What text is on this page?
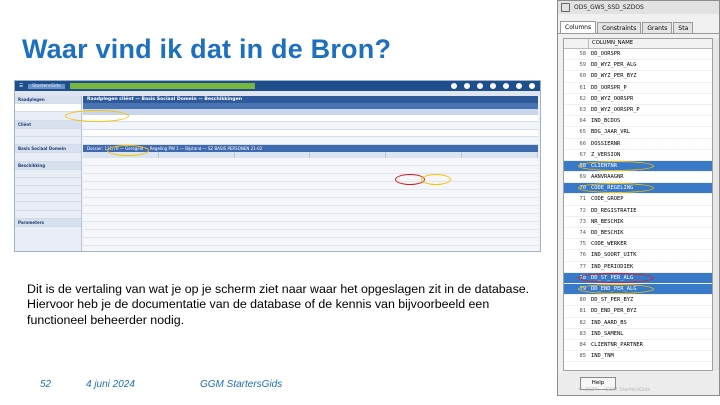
Waar vind ik dat in de Bron?
☰	StartersGids
Raadplegen
Cliënt
Basis Sociaal Domein
Beschikking
Parameters
Raadplegen cliënt — Basis Sociaal Domein — Beschikkingen
Dossier: 131/70 — Geregeld — Regeling PW 1 — Bijstand — SZ BASIS PERSONEN 21-02

Dit is de vertaling van wat je op je scherm ziet naar waar het opgeslagen zit in de database.

Hiervoor heb je de documentatie van de database of de kennis van bijvoorbeeld een functioneel beheerder nodig.

52	4 juni 2024	GGM StartersGids
ODS_GWS_SSD_SZDOS
Columns	Constraints	Grants	Sta
COLUMN_NAME
58 DD_OORSPR
59 DD_WYZ_PER_ALG
60 DD_WYZ_PER_BYZ
61 DD_OORSPR_P
62 DD_WYZ_OORSPR
63 DD_WYZ_OORSPR_P
64 IND_BCDOS
65 BDG_JAAR_VRL
66 DOSSIERNR
67 Z_VERSION
68 CLIENTNR
69 AANVRAAGNR
70 CODE_REGELING
71 CODE_GROEP
72 DD_REGISTRATIE
73 NR_BESCHIK
74 DD_BESCHIK
75 CODE_WERKER
76 IND_SOORT_UITK
77 IND_PERIODIEK
78 DD_ST_PER_ALG
79 DD_END_PER_ALG
80 DD_ST_PER_BYZ
81 DD_END_PER_BYZ
82 IND_AARD_BS
83 IND_SAMENL
84 CLIENTNR_PARTNER
85 IND_TNM
Help
© 2024 — GGM StartersGids
